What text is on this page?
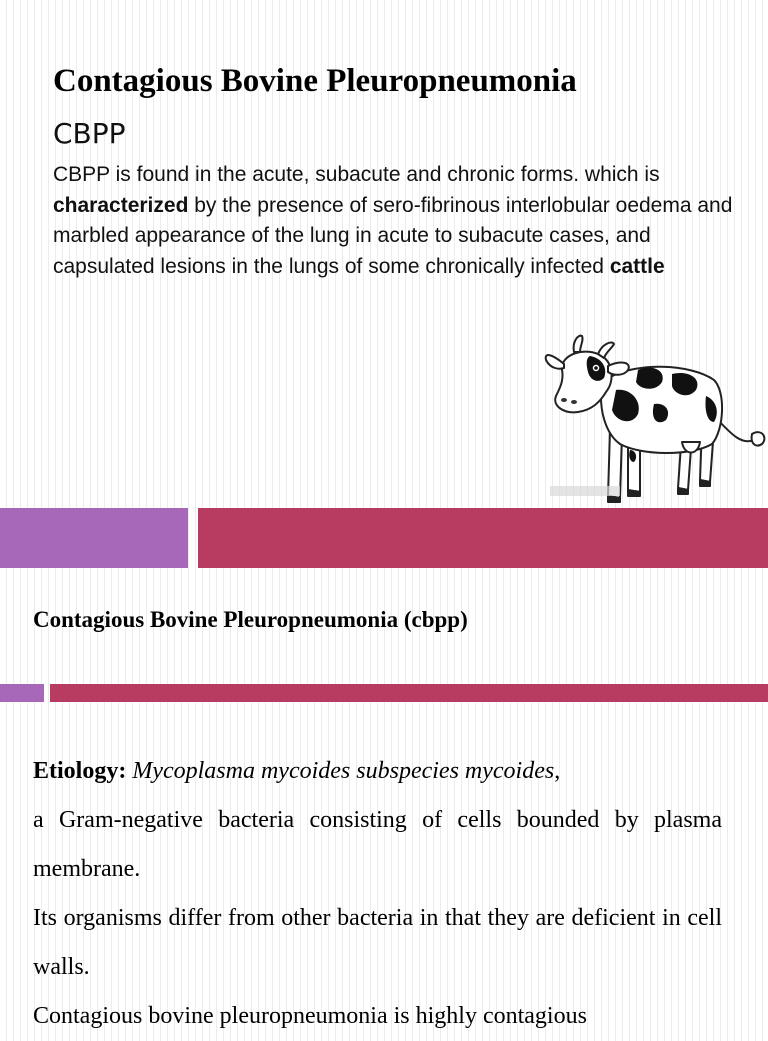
Contagious Bovine Pleuropneumonia
CBPP

CBPP is found in the acute, subacute and chronic forms. which is characterized by the presence of sero-fibrinous interlobular oedema and marbled appearance of the lung in acute to subacute cases, and capsulated lesions in the lungs of some chronically infected cattle

Contagious Bovine Pleuropneumonia (cbpp)

Etiology: Mycoplasma mycoides subspecies mycoides,

a Gram-negative bacteria consisting of cells bounded by plasma membrane.

Its organisms differ from other bacteria in that they are deficient in cell walls.

Contagious bovine pleuropneumonia is highly contagious
